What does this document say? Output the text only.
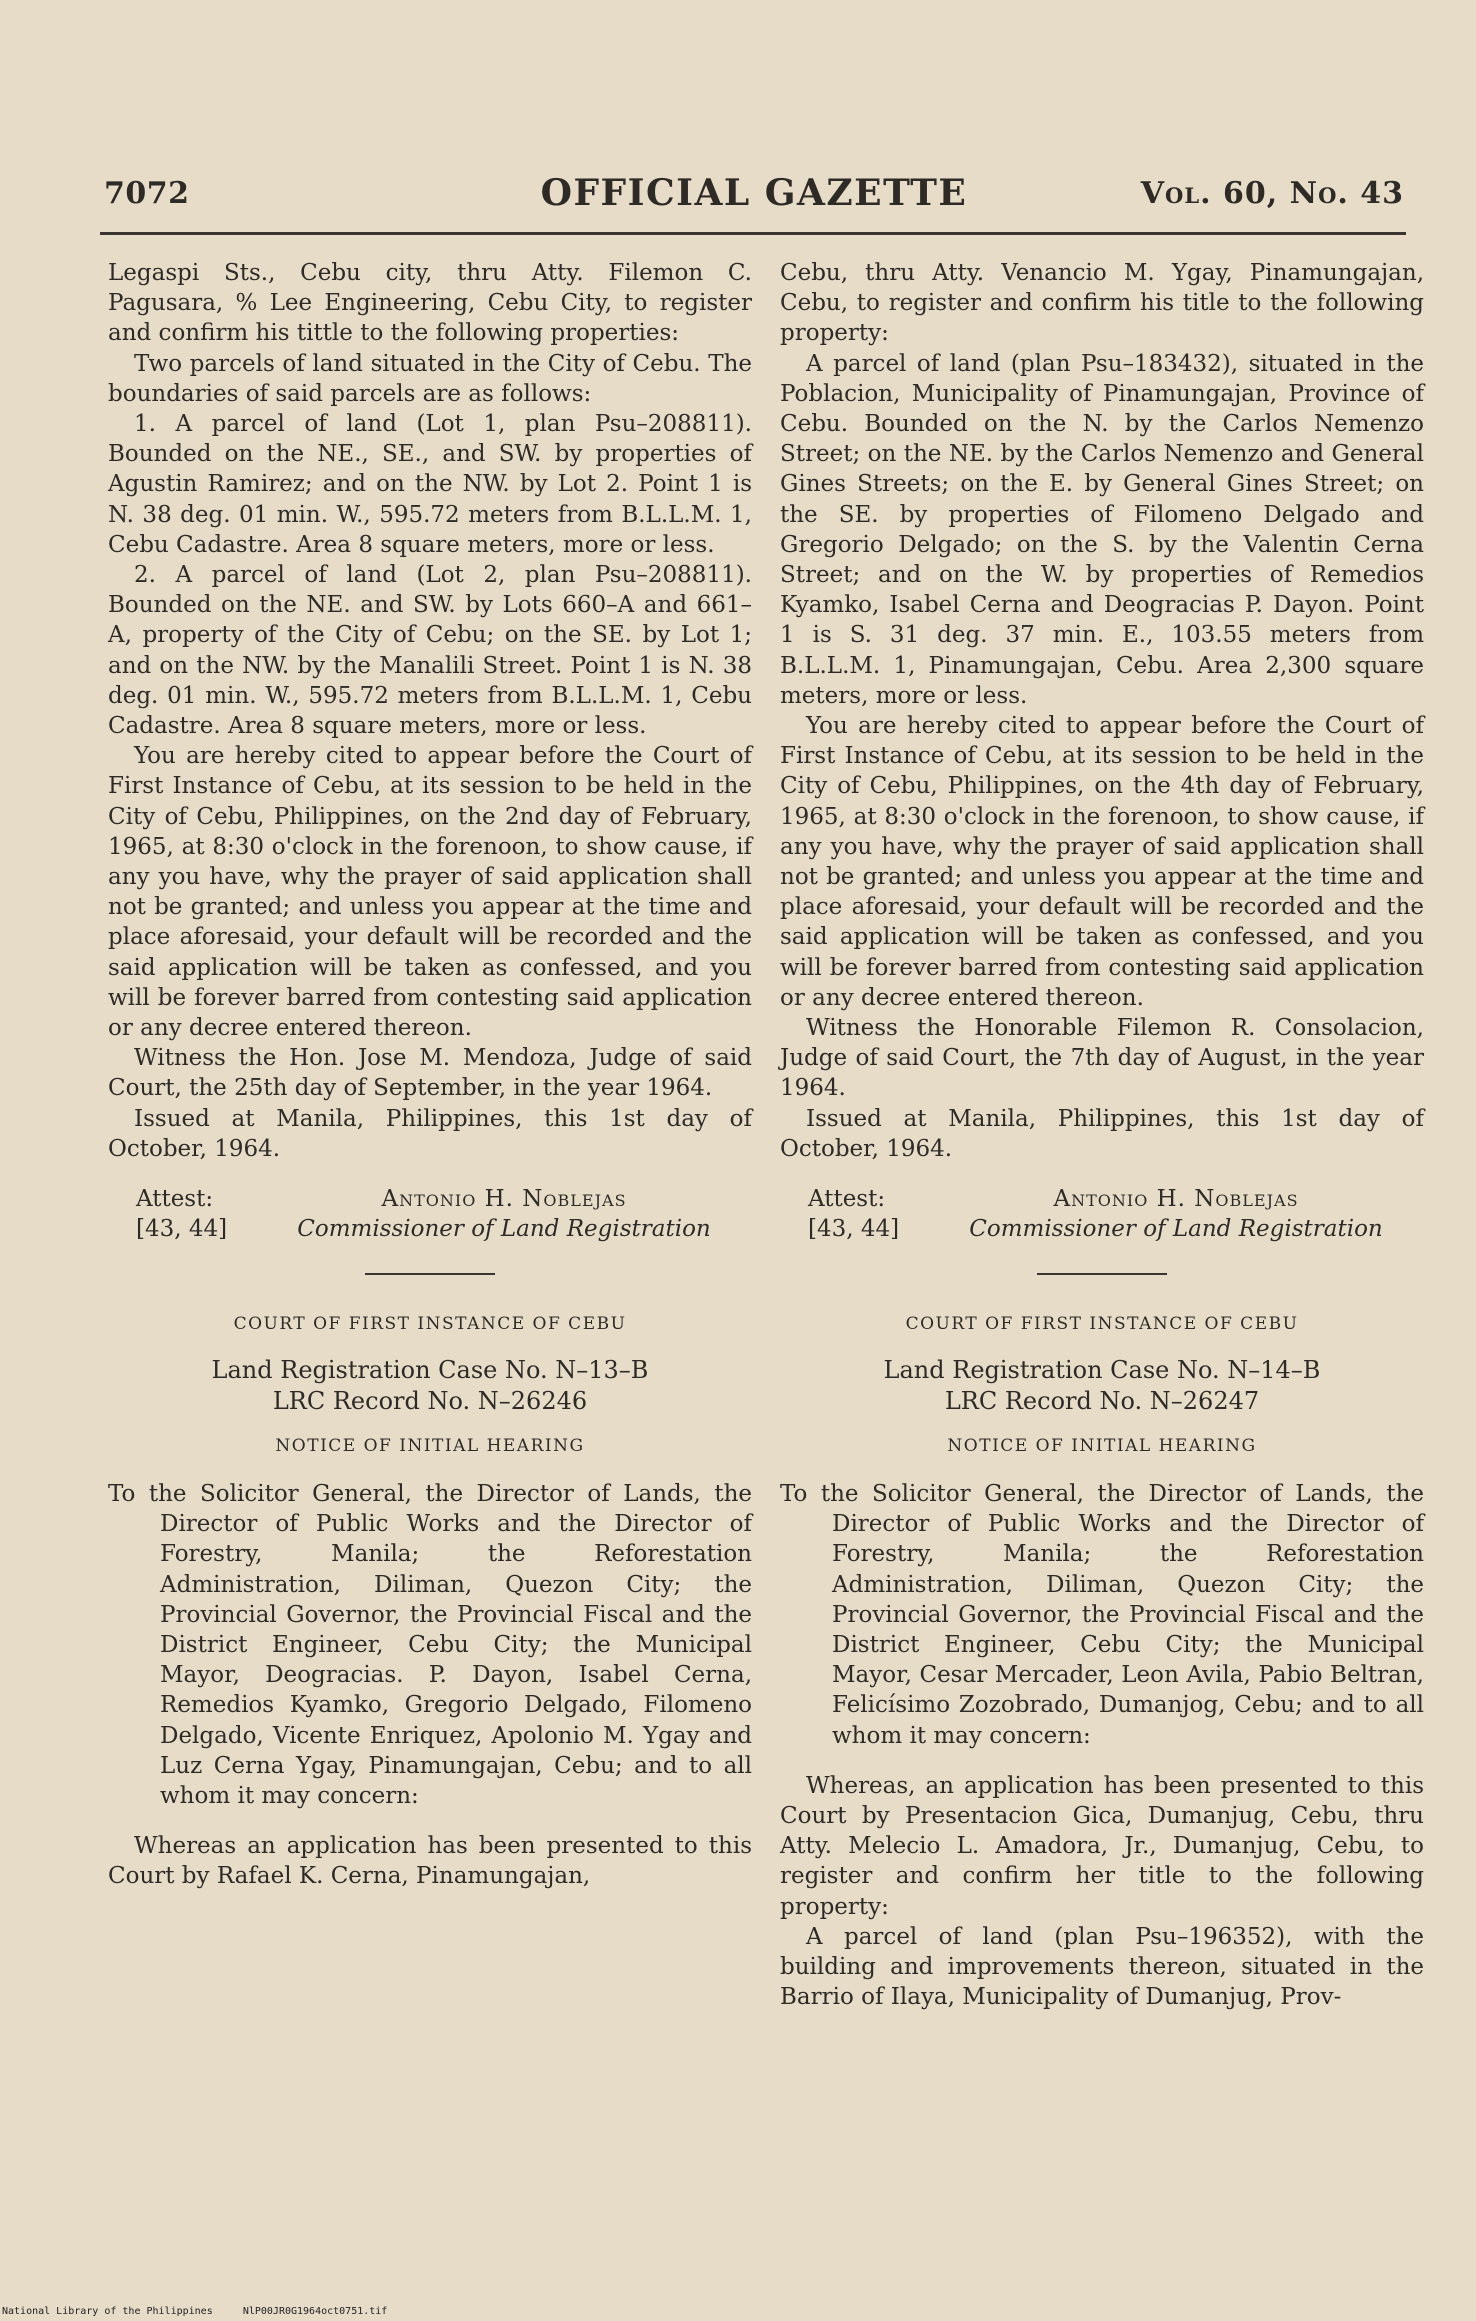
7072	OFFICIAL GAZETTE	Vol. 60, No. 43

Legaspi Sts., Cebu city, thru Atty. Filemon C. Pagusara, % Lee Engineering, Cebu City, to register and confirm his tittle to the following properties:

Two parcels of land situated in the City of Cebu. The boundaries of said parcels are as follows:

1. A parcel of land (Lot 1, plan Psu–208811). Bounded on the NE., SE., and SW. by properties of Agustin Ramirez; and on the NW. by Lot 2. Point 1 is N. 38 deg. 01 min. W., 595.72 meters from B.L.L.M. 1, Cebu Cadastre. Area 8 square meters, more or less.

2. A parcel of land (Lot 2, plan Psu–208811). Bounded on the NE. and SW. by Lots 660–A and 661–A, property of the City of Cebu; on the SE. by Lot 1; and on the NW. by the Manalili Street. Point 1 is N. 38 deg. 01 min. W., 595.72 meters from B.L.L.M. 1, Cebu Cadastre. Area 8 square meters, more or less.

You are hereby cited to appear before the Court of First Instance of Cebu, at its session to be held in the City of Cebu, Philippines, on the 2nd day of February, 1965, at 8:30 o'clock in the forenoon, to show cause, if any you have, why the prayer of said application shall not be granted; and unless you appear at the time and place aforesaid, your default will be recorded and the said application will be taken as confessed, and you will be forever barred from contesting said application or any decree entered thereon.

Witness the Hon. Jose M. Mendoza, Judge of said Court, the 25th day of September, in the year 1964.

Issued at Manila, Philippines, this 1st day of October, 1964.

Attest:
[43, 44]
Antonio H. Noblejas
Commissioner of Land Registration

COURT OF FIRST INSTANCE OF CEBU

Land Registration Case No. N–13–B

LRC Record No. N–26246

NOTICE OF INITIAL HEARING

To the Solicitor General, the Director of Lands, the Director of Public Works and the Director of Forestry, Manila; the Reforestation Administration, Diliman, Quezon City; the Provincial Governor, the Provincial Fiscal and the District Engineer, Cebu City; the Municipal Mayor, Deogracias. P. Dayon, Isabel Cerna, Remedios Kyamko, Gregorio Delgado, Filomeno Delgado, Vicente Enriquez, Apolonio M. Ygay and Luz Cerna Ygay, Pinamungajan, Cebu; and to all whom it may concern:

Whereas an application has been presented to this Court by Rafael K. Cerna, Pinamungajan,

Cebu, thru Atty. Venancio M. Ygay, Pinamungajan, Cebu, to register and confirm his title to the following property:

A parcel of land (plan Psu–183432), situated in the Poblacion, Municipality of Pinamungajan, Province of Cebu. Bounded on the N. by the Carlos Nemenzo Street; on the NE. by the Carlos Nemenzo and General Gines Streets; on the E. by General Gines Street; on the SE. by properties of Filomeno Delgado and Gregorio Delgado; on the S. by the Valentin Cerna Street; and on the W. by properties of Remedios Kyamko, Isabel Cerna and Deogracias P. Dayon. Point 1 is S. 31 deg. 37 min. E., 103.55 meters from B.L.L.M. 1, Pinamungajan, Cebu. Area 2,300 square meters, more or less.

You are hereby cited to appear before the Court of First Instance of Cebu, at its session to be held in the City of Cebu, Philippines, on the 4th day of February, 1965, at 8:30 o'clock in the forenoon, to show cause, if any you have, why the prayer of said application shall not be granted; and unless you appear at the time and place aforesaid, your default will be recorded and the said application will be taken as confessed, and you will be forever barred from contesting said application or any decree entered thereon.

Witness the Honorable Filemon R. Consolacion, Judge of said Court, the 7th day of August, in the year 1964.

Issued at Manila, Philippines, this 1st day of October, 1964.

Attest:
[43, 44]
Antonio H. Noblejas
Commissioner of Land Registration

COURT OF FIRST INSTANCE OF CEBU

Land Registration Case No. N–14–B

LRC Record No. N–26247

NOTICE OF INITIAL HEARING

To the Solicitor General, the Director of Lands, the Director of Public Works and the Director of Forestry, Manila; the Reforestation Administration, Diliman, Quezon City; the Provincial Governor, the Provincial Fiscal and the District Engineer, Cebu City; the Municipal Mayor, Cesar Mercader, Leon Avila, Pabio Beltran, Felicísimo Zozobrado, Dumanjog, Cebu; and to all whom it may concern:

Whereas, an application has been presented to this Court by Presentacion Gica, Dumanjug, Cebu, thru Atty. Melecio L. Amadora, Jr., Dumanjug, Cebu, to register and confirm her title to the following property:

A parcel of land (plan Psu–196352), with the building and improvements thereon, situated in the Barrio of Ilaya, Municipality of Dumanjug, Prov-

National Library of the Philippines     NlP00JR0G1964oct0751.tif
